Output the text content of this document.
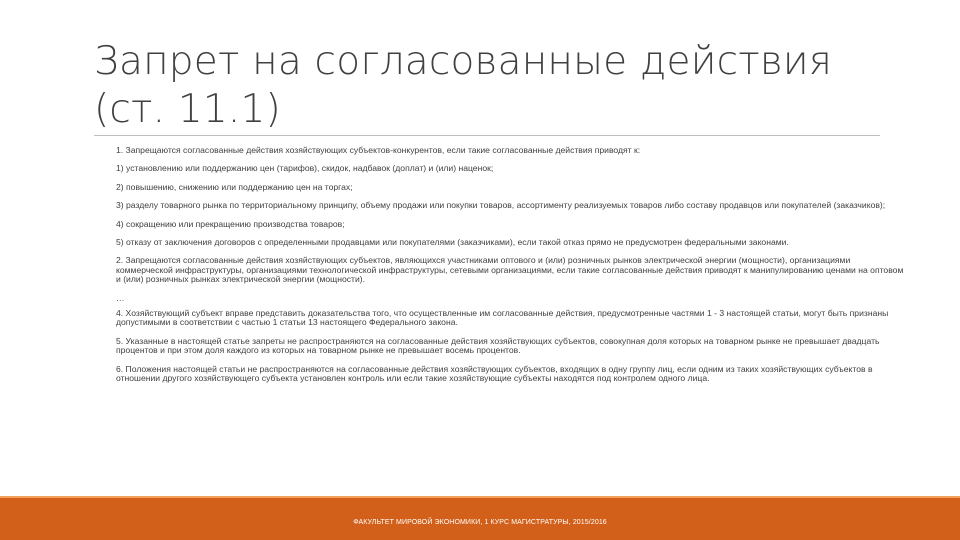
Запрет на согласованные действия (ст. 11.1)

1. Запрещаются согласованные действия хозяйствующих субъектов-конкурентов, если такие согласованные действия приводят к:

1) установлению или поддержанию цен (тарифов), скидок, надбавок (доплат) и (или) наценок;

2) повышению, снижению или поддержанию цен на торгах;

3) разделу товарного рынка по территориальному принципу, объему продажи или покупки товаров, ассортименту реализуемых товаров либо составу продавцов или покупателей (заказчиков);

4) сокращению или прекращению производства товаров;

5) отказу от заключения договоров с определенными продавцами или покупателями (заказчиками), если такой отказ прямо не предусмотрен федеральными законами.

2. Запрещаются согласованные действия хозяйствующих субъектов, являющихся участниками оптового и (или) розничных рынков электрической энергии (мощности), организациями коммерческой инфраструктуры, организациями технологической инфраструктуры, сетевыми организациями, если такие согласованные действия приводят к манипулированию ценами на оптовом и (или) розничных рынках электрической энергии (мощности).

…

4. Хозяйствующий субъект вправе представить доказательства того, что осуществленные им согласованные действия, предусмотренные частями 1 - 3 настоящей статьи, могут быть признаны допустимыми в соответствии с частью 1 статьи 13 настоящего Федерального закона.

5. Указанные в настоящей статье запреты не распространяются на согласованные действия хозяйствующих субъектов, совокупная доля которых на товарном рынке не превышает двадцать процентов и при этом доля каждого из которых на товарном рынке не превышает восемь процентов.

6. Положения настоящей статьи не распространяются на согласованные действия хозяйствующих субъектов, входящих в одну группу лиц, если одним из таких хозяйствующих субъектов в отношении другого хозяйствующего субъекта установлен контроль или если такие хозяйствующие субъекты находятся под контролем одного лица.

ФАКУЛЬТЕТ МИРОВОЙ ЭКОНОМИКИ, 1 КУРС МАГИСТРАТУРЫ, 2015/2016
